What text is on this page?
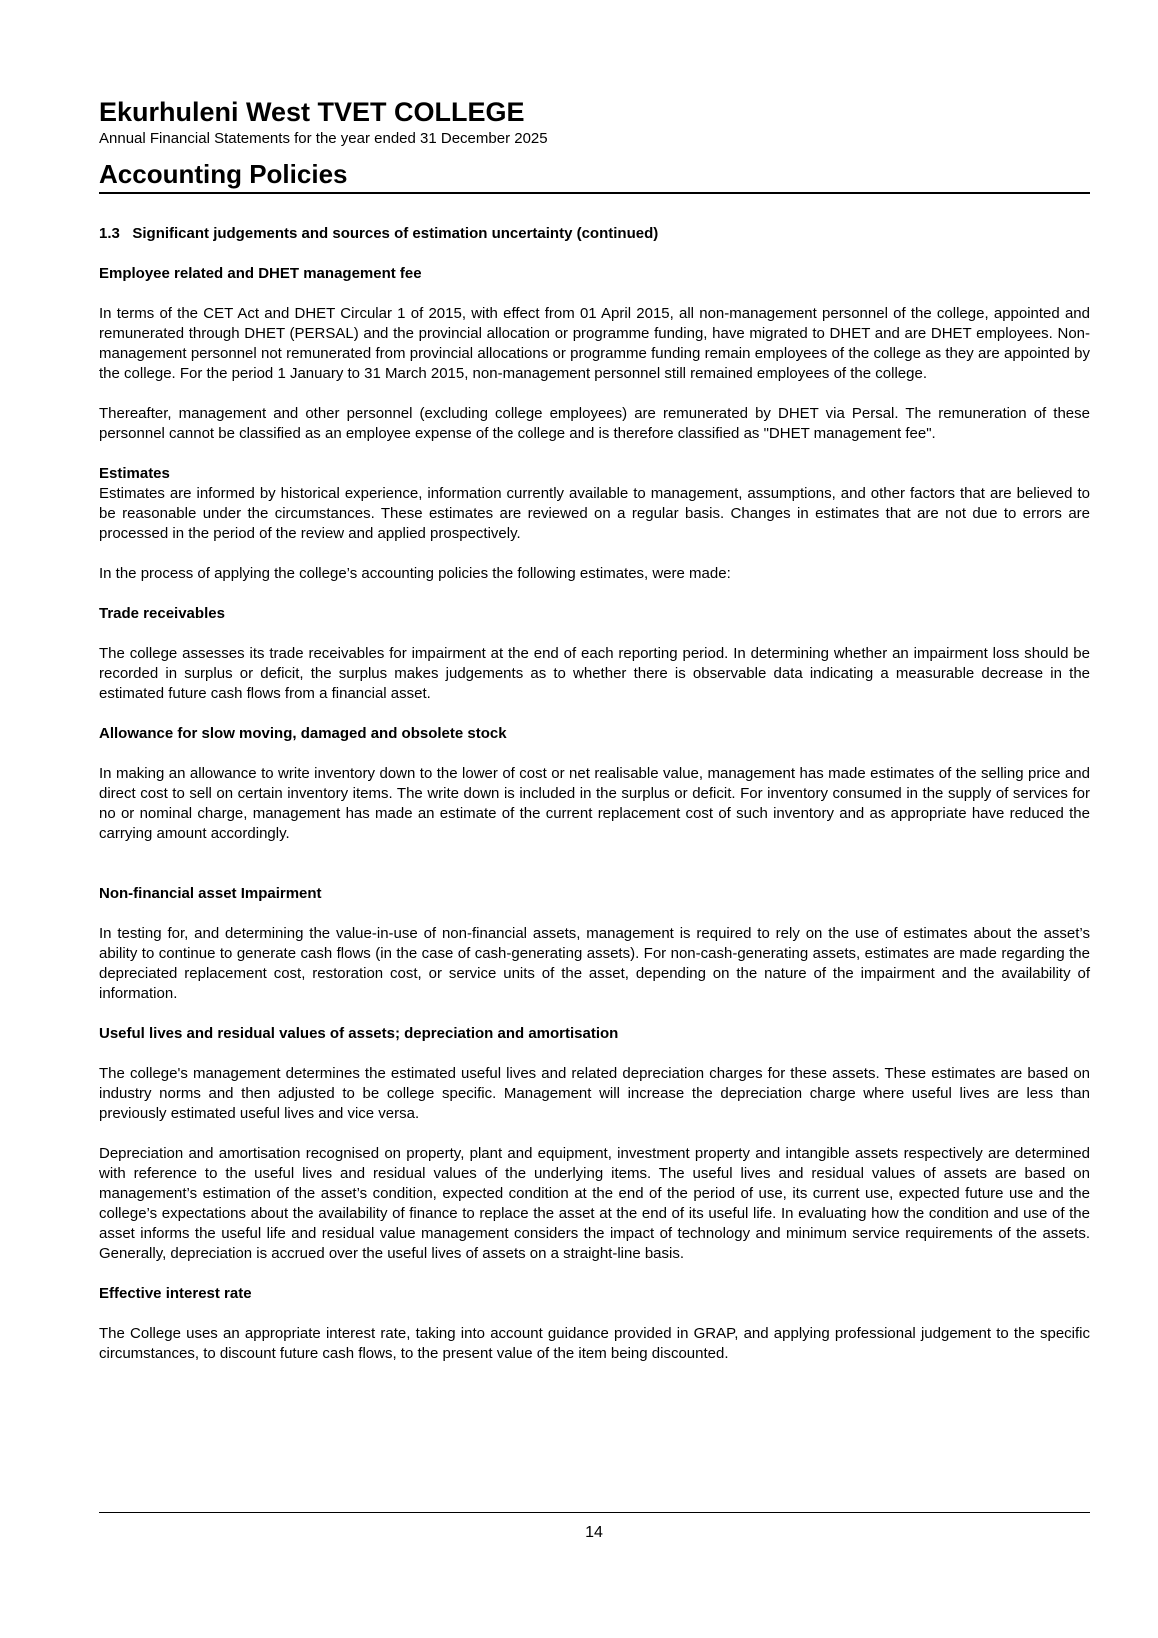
Ekurhuleni West TVET COLLEGE
Annual Financial Statements for the year ended 31 December 2025
Accounting Policies

1.3   Significant judgements and sources of estimation uncertainty (continued)

Employee related and DHET management fee

In terms of the CET Act and DHET Circular 1 of 2015, with effect from 01 April 2015, all non-management personnel of the college, appointed and remunerated through DHET (PERSAL) and the provincial allocation or programme funding, have migrated to DHET and are DHET employees. Non-management personnel not remunerated from provincial allocations or programme funding remain employees of the college as they are appointed by the college. For the period 1 January to 31 March 2015, non-management personnel still remained employees of the college.

Thereafter, management and other personnel (excluding college employees) are remunerated by DHET via Persal. The remuneration of these personnel cannot be classified as an employee expense of the college and is therefore classified as "DHET management fee".

Estimates

Estimates are informed by historical experience, information currently available to management, assumptions, and other factors that are believed to be reasonable under the circumstances. These estimates are reviewed on a regular basis. Changes in estimates that are not due to errors are processed in the period of the review and applied prospectively.

In the process of applying the college’s accounting policies the following estimates, were made:

Trade receivables

The college assesses its trade receivables for impairment at the end of each reporting period. In determining whether an impairment loss should be recorded in surplus or deficit, the surplus makes judgements as to whether there is observable data indicating a measurable decrease in the estimated future cash flows from a financial asset.

Allowance for slow moving, damaged and obsolete stock

In making an allowance to write inventory down to the lower of cost or net realisable value, management has made estimates of the selling price and direct cost to sell on certain inventory items. The write down is included in the surplus or deficit. For inventory consumed in the supply of services for no or nominal charge, management has made an estimate of the current replacement cost of such inventory and as appropriate have reduced the carrying amount accordingly.

Non-financial asset Impairment

In testing for, and determining the value-in-use of non-financial assets, management is required to rely on the use of estimates about the asset’s ability to continue to generate cash flows (in the case of cash-generating assets). For non-cash-generating assets, estimates are made regarding the depreciated replacement cost, restoration cost, or service units of the asset, depending on the nature of the impairment and the availability of information.

Useful lives and residual values of assets; depreciation and amortisation

The college's management determines the estimated useful lives and related depreciation charges for these assets. These estimates are based on industry norms and then adjusted to be college specific. Management will increase the depreciation charge where useful lives are less than previously estimated useful lives and vice versa.

Depreciation and amortisation recognised on property, plant and equipment, investment property and intangible assets respectively are determined with reference to the useful lives and residual values of the underlying items. The useful lives and residual values of assets are based on management’s estimation of the asset’s condition, expected condition at the end of the period of use, its current use, expected future use and the college’s expectations about the availability of finance to replace the asset at the end of its useful life. In evaluating how the condition and use of the asset informs the useful life and residual value management considers the impact of technology and minimum service requirements of the assets. Generally, depreciation is accrued over the useful lives of assets on a straight-line basis.

Effective interest rate

The College uses an appropriate interest rate, taking into account guidance provided in GRAP, and applying professional judgement to the specific circumstances, to discount future cash flows, to the present value of the item being discounted.

14
